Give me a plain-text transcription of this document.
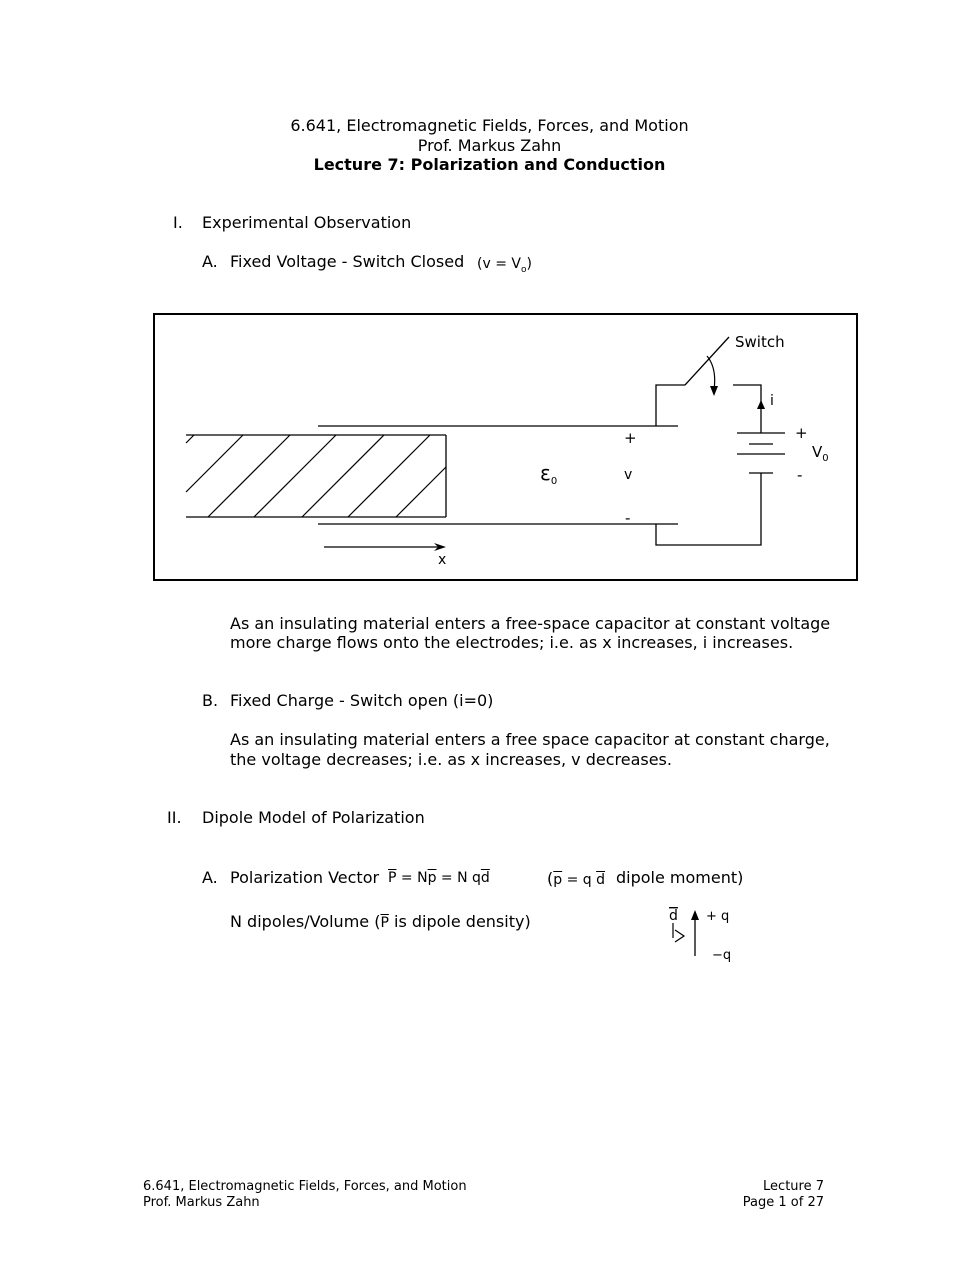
6.641, Electromagnetic Fields, Forces, and Motion
Prof. Markus Zahn
Lecture 7: Polarization and Conduction
I. Experimental Observation
A. Fixed Voltage - Switch Closed $(v = V_o)$
Switch
i
+
$V_0$
-
$\varepsilon_0$
+
v
-
x
As an insulating material enters a free-space capacitor at constant voltage
more charge flows onto the electrodes; i.e. as x increases, i increases.
B. Fixed Charge - Switch open (i=0)
As an insulating material enters a free space capacitor at constant charge,
the voltage decreases; i.e. as x increases, v decreases.
II. Dipole Model of Polarization
A. Polarization Vector $\overline{P} = N\overline{p} = N$ $q\overline{d}$	($\overline{p} = q$ $\overline{d}$ dipole moment)
N dipoles/Volume ($\overline{P}$ is dipole density)	d + q
−q
6.641, Electromagnetic Fields, Forces, and Motion
Prof. Markus Zahn
Lecture 7
Page 1 of 27
